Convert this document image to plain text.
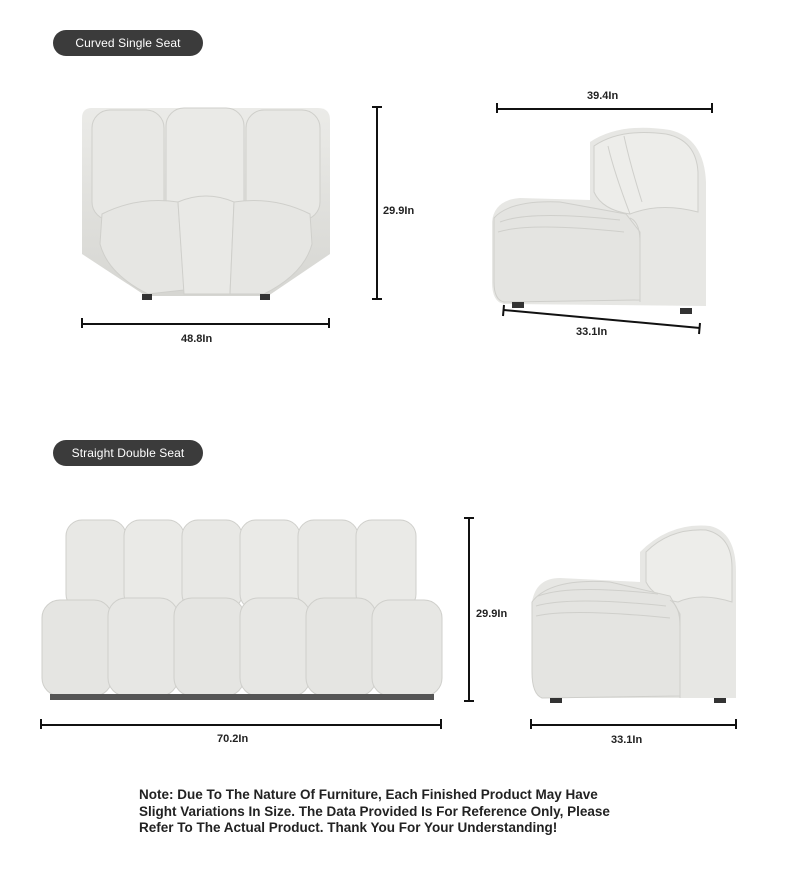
Curved Single Seat
29.9In
48.8In
39.4In
33.1In
Straight Double Seat
29.9In
70.2In	33.1In
Note: Due To The Nature Of Furniture, Each Finished Product May Have
Slight Variations In Size. The Data Provided Is For Reference Only, Please
Refer To The Actual Product. Thank You For Your Understanding!
